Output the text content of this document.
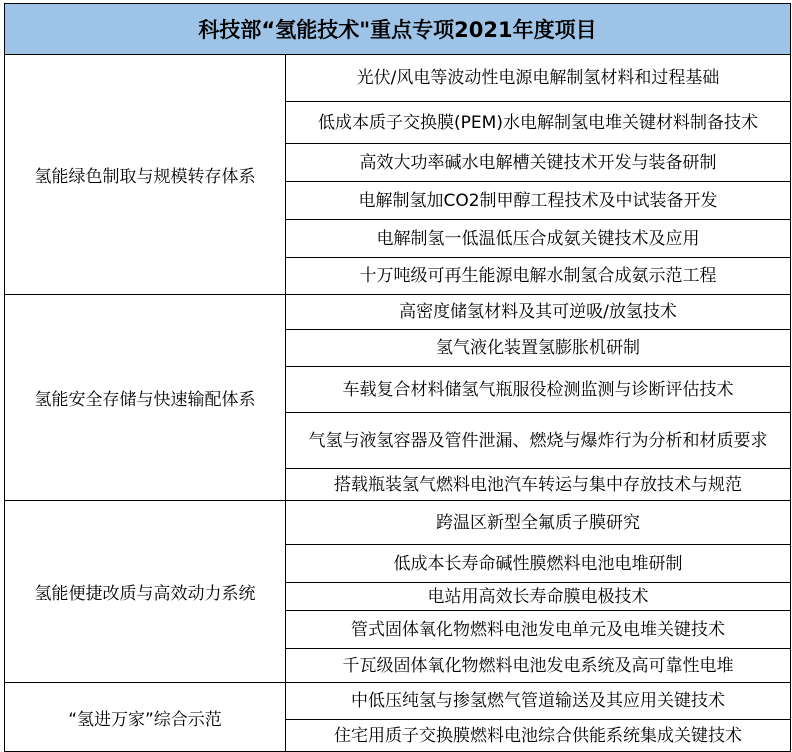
科技部“氢能技术"重点专项2021年度项目	
氢能绿色制取与规模转存体系	光伏/风电等波动性电源电解制氢材料和过程基础
	低成本质子交换膜(PEM)水电解制氢电堆关键材料制备技术
	高效大功率碱水电解槽关键技术开发与装备研制
	电解制氢加CO2制甲醇工程技术及中试装备开发
	电解制氢一低温低压合成氨关键技术及应用
	十万吨级可再生能源电解水制氢合成氨示范工程
氢能安全存储与快速输配体系	高密度储氢材料及其可逆吸/放氢技术
	氢气液化装置氢膨胀机研制
	车载复合材料储氢气瓶服役检测监测与诊断评估技术
	气氢与液氢容器及管件泄漏、燃烧与爆炸行为分析和材质要求
	搭载瓶装氢气燃料电池汽车转运与集中存放技术与规范
氢能便捷改质与高效动力系统	跨温区新型全氟质子膜研究
	低成本长寿命碱性膜燃料电池电堆研制
	电站用高效长寿命膜电极技术
	管式固体氧化物燃料电池发电单元及电堆关键技术
	千瓦级固体氧化物燃料电池发电系统及高可靠性电堆
“氢进万家”综合示范	中低压纯氢与掺氢燃气管道输送及其应用关键技术
	住宅用质子交换膜燃料电池综合供能系统集成关键技术
